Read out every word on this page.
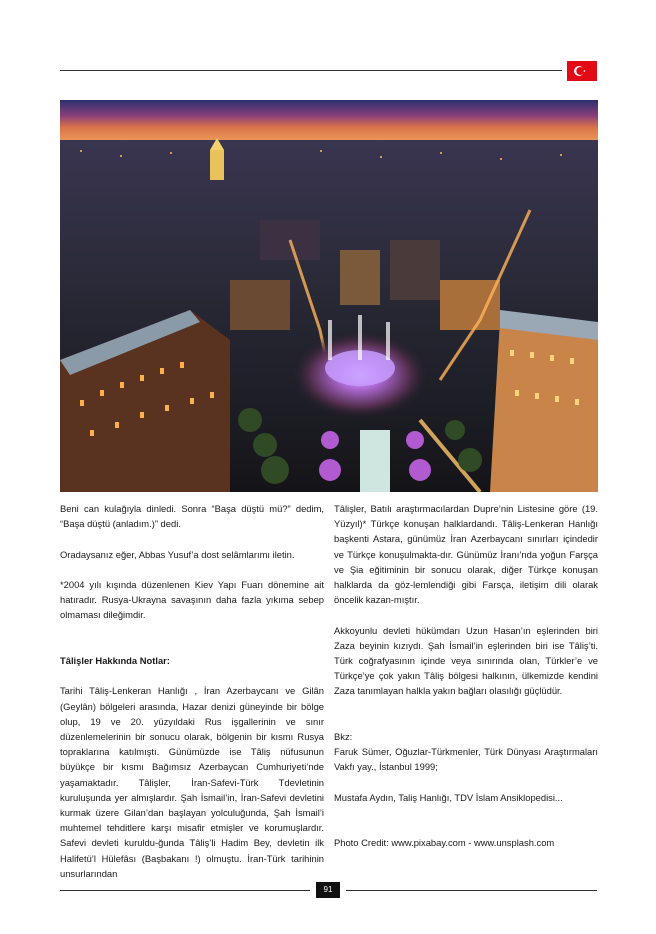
Beni can kulağıyla dinledi. Sonra “Başa düştü mü?” dedim, “Başa düştü (anladım.)” dedi.

Oradaysanız eğer, Abbas Yusuf’a dost selâmlarımı iletin.

*2004 yılı kışında düzenlenen Kiev Yapı Fuarı dönemine ait hatıradır. Rusya-Ukrayna savaşının daha fazla yıkıma sebep olmaması dileğimdir.

Tâlişler Hakkında Notlar:

Tarihi Tâliş-Lenkeran Hanlığı , İran Azerbaycanı ve Gilân (Geylân) bölgeleri arasında, Hazar denizi güneyinde bir bölge olup, 19 ve 20. yüzyıldaki Rus işgallerinin ve sınır düzenlemelerinin bir sonucu olarak, bölgenin bir kısmı Rusya topraklarına katılmıştı. Günümüzde ise Tâliş nüfusunun büyükçe bir kısmı Bağımsız Azerbaycan Cumhuriyeti’nde yaşamaktadır. Tâlişler, İran-Safevi-Türk Tdevletinin kuruluşunda yer almışlardır. Şah İsmail’in, İran-Safevi devletini kurmak üzere Gilan’dan başlayan yolculuğunda, Şah İsmail’i muhtemel tehditlere karşı misafir etmişler ve korumuşlardır. Safevi devleti kuruldu-ğunda Tâliş’li Hadim Bey, devletin ilk Halifetü’l Hülefâsı (Başbakanı !) olmuştu. İran-Türk tarihinin unsurlarından

Tâlişler, Batılı araştırmacılardan Dupre’nin Listesine göre (19. Yüzyıl)* Türkçe konuşan halklardandı. Tâliş-Lenkeran Hanlığı başkenti Astara, günümüz İran Azerbaycanı sınırları içindedir ve Türkçe konuşulmakta-dır. Günümüz İranı’nda yoğun Farşça ve Şia eğitiminin bir sonucu olarak, diğer Türkçe konuşan halklarda da göz-lemlendiği gibi Farsça, iletişim dili olarak öncelik kazan-mıştır.

Akkoyunlu devleti hükümdarı Uzun Hasan’ın eşlerinden biri Zaza beyinin kızıydı. Şah İsmail’in eşlerinden biri ise Tâliş’ti. Türk coğrafyasının içinde veya sınırında olan, Türkler’e ve Türkçe’ye çok yakın Tâliş bölgesi halkının, ülkemizde kendini Zaza tanımlayan halkla yakın bağları olasılığı güçlüdür.

Bkz:

Faruk Sümer, Oğuzlar-Türkmenler, Türk Dünyası Araştırmaları Vakfı yay., İstanbul 1999;

Mustafa Aydın, Taliş Hanlığı, TDV İslam Ansiklopedisi...

Photo Credit: www.pixabay.com - www.unsplash.com

91
